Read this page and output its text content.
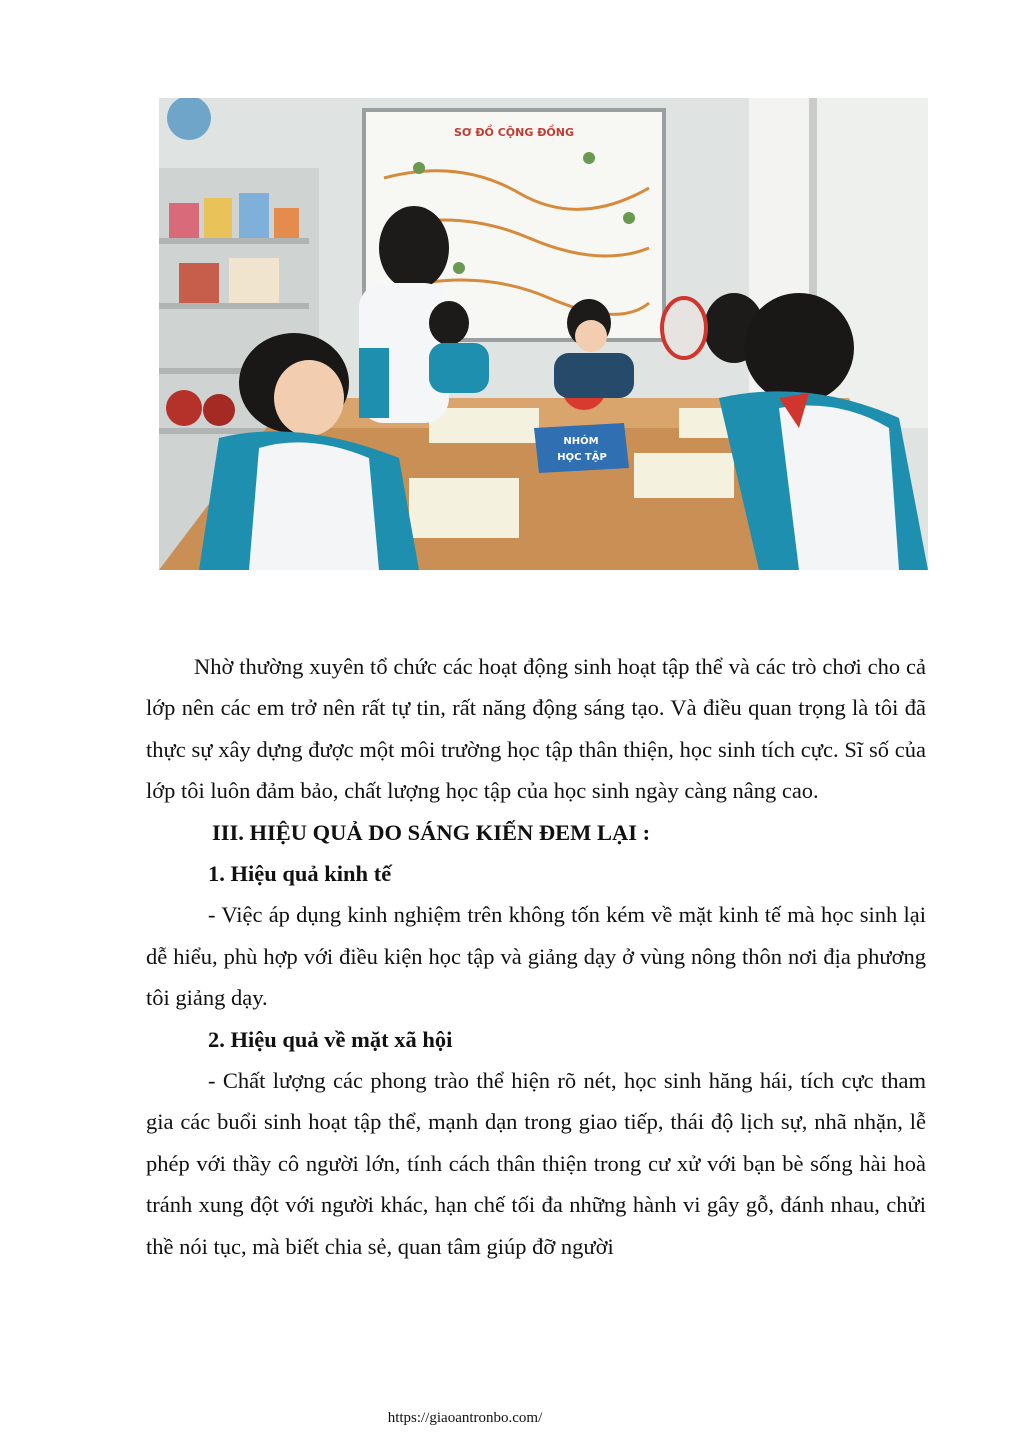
SƠ ĐỒ CỘNG ĐỒNG
NHÓM
HỌC TẬP

Nhờ thường xuyên tổ chức các hoạt động sinh hoạt tập thể và các trò chơi cho cả lớp nên các em trở nên rất tự tin, rất năng động sáng tạo. Và điều quan trọng là tôi đã thực sự xây dựng được một môi trường học tập thân thiện, học sinh tích cực. Sĩ số của lớp tôi luôn đảm bảo, chất lượng học tập của học sinh ngày càng nâng cao.

III. HIỆU QUẢ DO SÁNG KIẾN ĐEM LẠI :

1. Hiệu quả kinh tế

- Việc áp dụng kinh nghiệm trên không tốn kém về mặt kinh tế mà học sinh lại dễ hiểu, phù hợp với điều kiện học tập và giảng dạy ở vùng nông thôn nơi địa phương tôi giảng dạy.

2. Hiệu quả về mặt xã hội

- Chất lượng các phong trào thể hiện rõ nét, học sinh hăng hái, tích cực tham gia các buổi sinh hoạt tập thể, mạnh dạn trong giao tiếp, thái độ lịch sự, nhã nhặn, lễ phép với thầy cô người lớn, tính cách thân thiện trong cư xử với bạn bè sống hài hoà tránh xung đột với người khác, hạn chế tối đa những hành vi gây gỗ, đánh nhau, chửi thề nói tục, mà biết chia sẻ, quan tâm giúp đỡ người

https://giaoantronbo.com/
